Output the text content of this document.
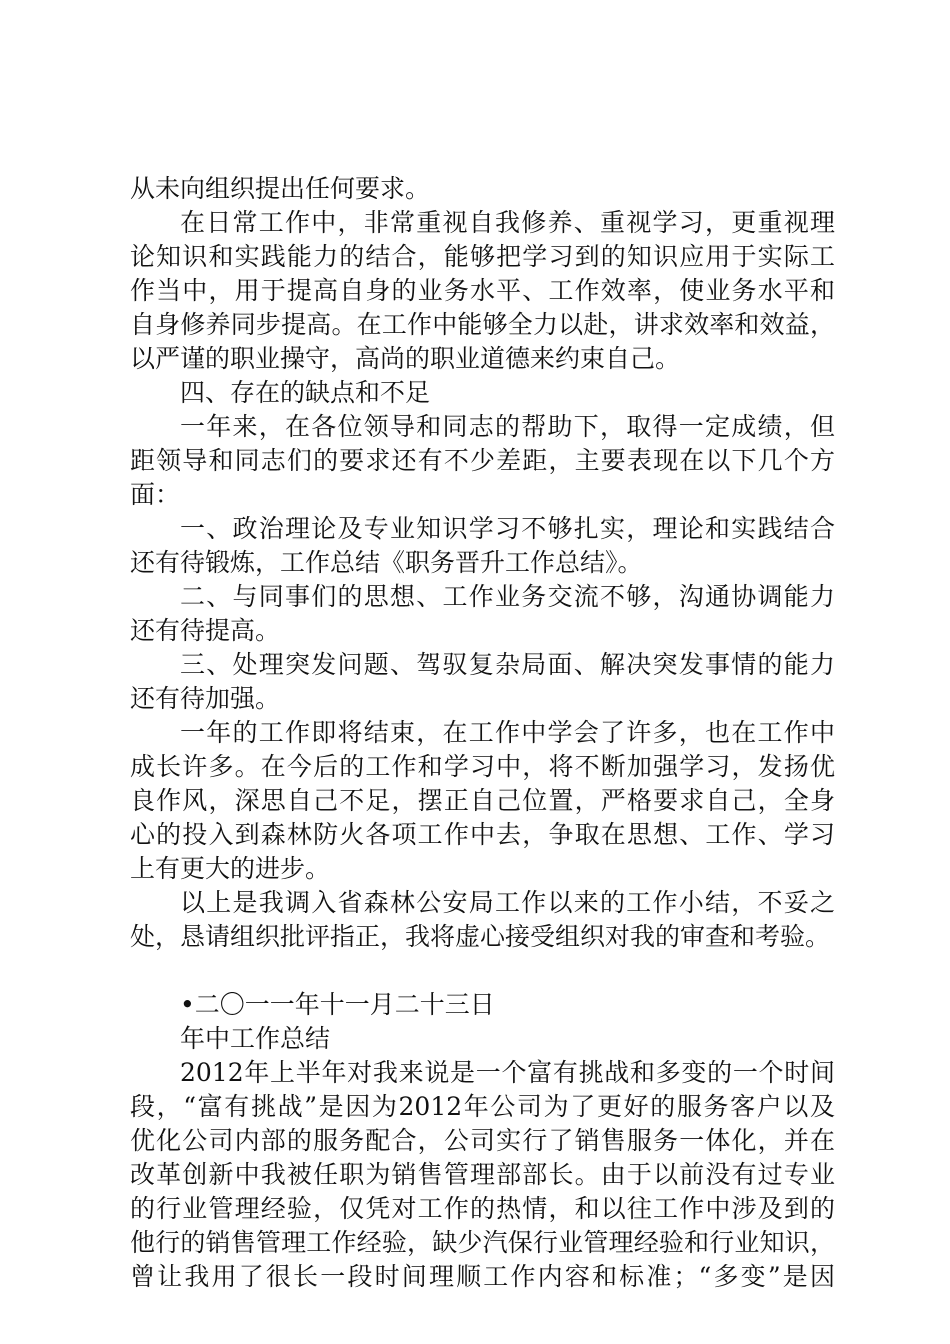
从未向组织提出任何要求。
在日常工作中，非常重视自我修养、重视学习，更重视理
论知识和实践能力的结合，能够把学习到的知识应用于实际工
作当中，用于提高自身的业务水平、工作效率，使业务水平和
自身修养同步提高。在工作中能够全力以赴，讲求效率和效益，
以严谨的职业操守，高尚的职业道德来约束自己。
四、存在的缺点和不足
一年来，在各位领导和同志的帮助下，取得一定成绩，但
距领导和同志们的要求还有不少差距，主要表现在以下几个方
面：
一、政治理论及专业知识学习不够扎实，理论和实践结合
还有待锻炼，工作总结《职务晋升工作总结》。
二、与同事们的思想、工作业务交流不够，沟通协调能力
还有待提高。
三、处理突发问题、驾驭复杂局面、解决突发事情的能力
还有待加强。
一年的工作即将结束，在工作中学会了许多，也在工作中
成长许多。在今后的工作和学习中，将不断加强学习，发扬优
良作风，深思自己不足，摆正自己位置，严格要求自己，全身
心的投入到森林防火各项工作中去，争取在思想、工作、学习
上有更大的进步。
以上是我调入省森林公安局工作以来的工作小结，不妥之
处，恳请组织批评指正，我将虚心接受组织对我的审查和考验。
•二〇一一年十一月二十三日
年中工作总结
2012年上半年对我来说是一个富有挑战和多变的一个时间
段，“富有挑战”是因为2012年公司为了更好的服务客户以及
优化公司内部的服务配合，公司实行了销售服务一体化，并在
改革创新中我被任职为销售管理部部长。由于以前没有过专业
的行业管理经验，仅凭对工作的热情，和以往工作中涉及到的
他行的销售管理工作经验，缺少汽保行业管理经验和行业知识，
曾让我用了很长一段时间理顺工作内容和标准；“多变”是因
